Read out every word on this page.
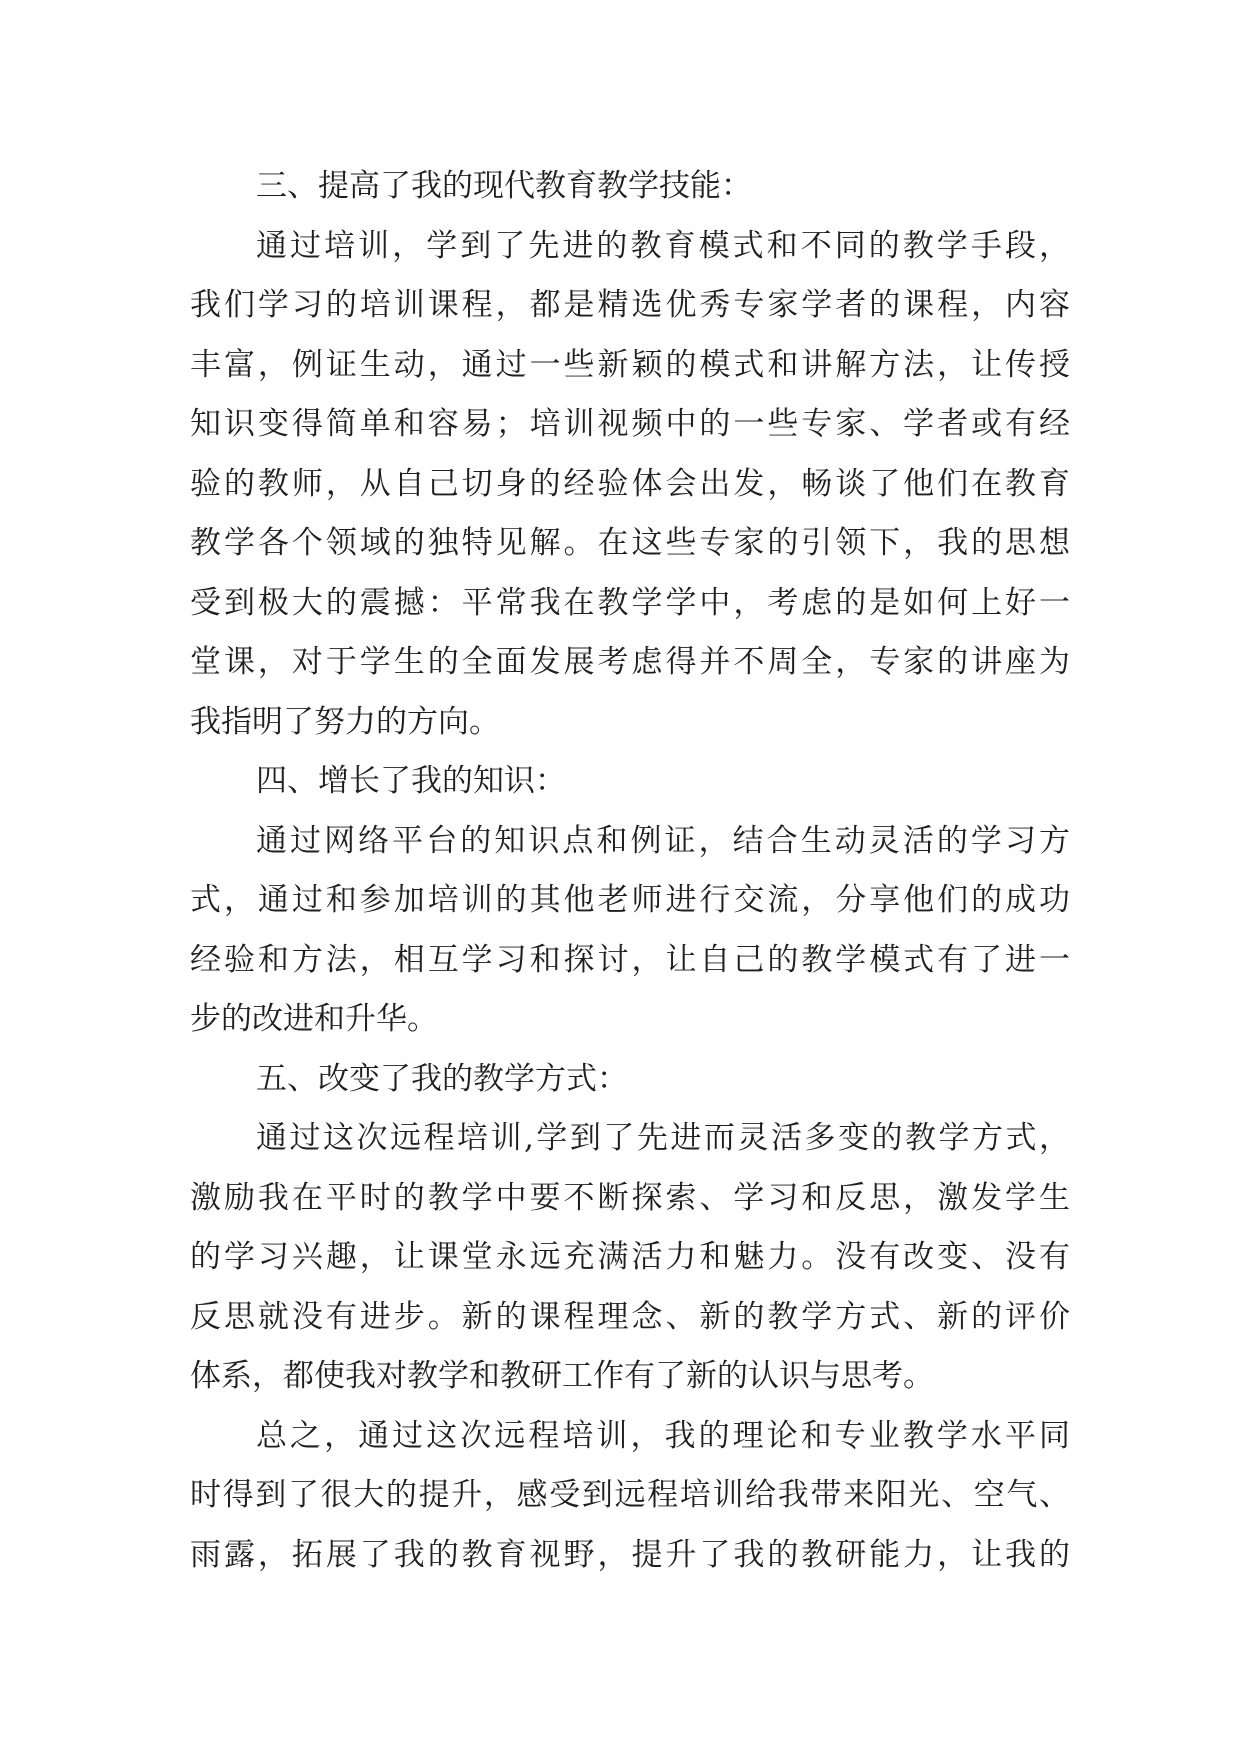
三、提高了我的现代教育教学技能：
通过培训，学到了先进的教育模式和不同的教学手段，
我们学习的培训课程，都是精选优秀专家学者的课程，内容
丰富，例证生动，通过一些新颖的模式和讲解方法，让传授
知识变得简单和容易；培训视频中的一些专家、学者或有经
验的教师，从自己切身的经验体会出发，畅谈了他们在教育
教学各个领域的独特见解。在这些专家的引领下，我的思想
受到极大的震撼：平常我在教学学中，考虑的是如何上好一
堂课，对于学生的全面发展考虑得并不周全，专家的讲座为
我指明了努力的方向。
四、增长了我的知识：
通过网络平台的知识点和例证，结合生动灵活的学习方
式，通过和参加培训的其他老师进行交流，分享他们的成功
经验和方法，相互学习和探讨，让自己的教学模式有了进一
步的改进和升华。
五、改变了我的教学方式：
通过这次远程培训,学到了先进而灵活多变的教学方式，
激励我在平时的教学中要不断探索、学习和反思，激发学生
的学习兴趣，让课堂永远充满活力和魅力。没有改变、没有
反思就没有进步。新的课程理念、新的教学方式、新的评价
体系，都使我对教学和教研工作有了新的认识与思考。
总之，通过这次远程培训，我的理论和专业教学水平同
时得到了很大的提升，感受到远程培训给我带来阳光、空气、
雨露，拓展了我的教育视野，提升了我的教研能力，让我的
